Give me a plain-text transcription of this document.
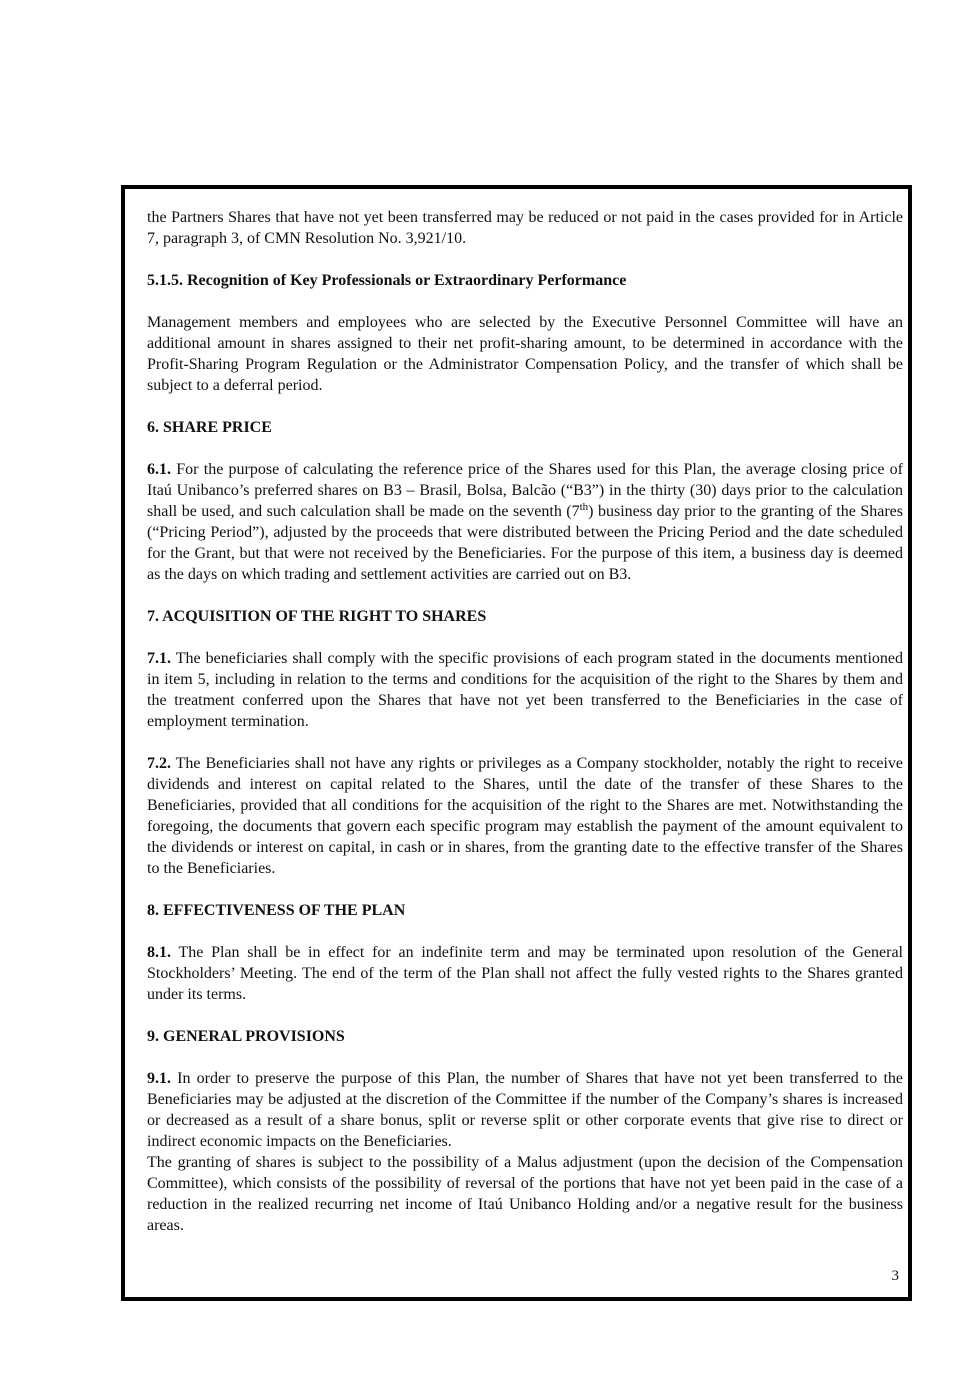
the Partners Shares that have not yet been transferred may be reduced or not paid in the cases provided for in Article 7, paragraph 3, of CMN Resolution No. 3,921/10.

5.1.5. Recognition of Key Professionals or Extraordinary Performance

Management members and employees who are selected by the Executive Personnel Committee will have an additional amount in shares assigned to their net profit-sharing amount, to be determined in accordance with the Profit-Sharing Program Regulation or the Administrator Compensation Policy, and the transfer of which shall be subject to a deferral period.

6. SHARE PRICE

6.1. For the purpose of calculating the reference price of the Shares used for this Plan, the average closing price of Itaú Unibanco’s preferred shares on B3 – Brasil, Bolsa, Balcão (“B3”) in the thirty (30) days prior to the calculation shall be used, and such calculation shall be made on the seventh (7th) business day prior to the granting of the Shares (“Pricing Period”), adjusted by the proceeds that were distributed between the Pricing Period and the date scheduled for the Grant, but that were not received by the Beneficiaries. For the purpose of this item, a business day is deemed as the days on which trading and settlement activities are carried out on B3.

7. ACQUISITION OF THE RIGHT TO SHARES

7.1. The beneficiaries shall comply with the specific provisions of each program stated in the documents mentioned in item 5, including in relation to the terms and conditions for the acquisition of the right to the Shares by them and the treatment conferred upon the Shares that have not yet been transferred to the Beneficiaries in the case of employment termination.

7.2. The Beneficiaries shall not have any rights or privileges as a Company stockholder, notably the right to receive dividends and interest on capital related to the Shares, until the date of the transfer of these Shares to the Beneficiaries, provided that all conditions for the acquisition of the right to the Shares are met. Notwithstanding the foregoing, the documents that govern each specific program may establish the payment of the amount equivalent to the dividends or interest on capital, in cash or in shares, from the granting date to the effective transfer of the Shares to the Beneficiaries.

8. EFFECTIVENESS OF THE PLAN

8.1. The Plan shall be in effect for an indefinite term and may be terminated upon resolution of the General Stockholders’ Meeting. The end of the term of the Plan shall not affect the fully vested rights to the Shares granted under its terms.

9. GENERAL PROVISIONS

9.1. In order to preserve the purpose of this Plan, the number of Shares that have not yet been transferred to the Beneficiaries may be adjusted at the discretion of the Committee if the number of the Company’s shares is increased or decreased as a result of a share bonus, split or reverse split or other corporate events that give rise to direct or indirect economic impacts on the Beneficiaries.

The granting of shares is subject to the possibility of a Malus adjustment (upon the decision of the Compensation Committee), which consists of the possibility of reversal of the portions that have not yet been paid in the case of a reduction in the realized recurring net income of Itaú Unibanco Holding and/or a negative result for the business areas.

3
